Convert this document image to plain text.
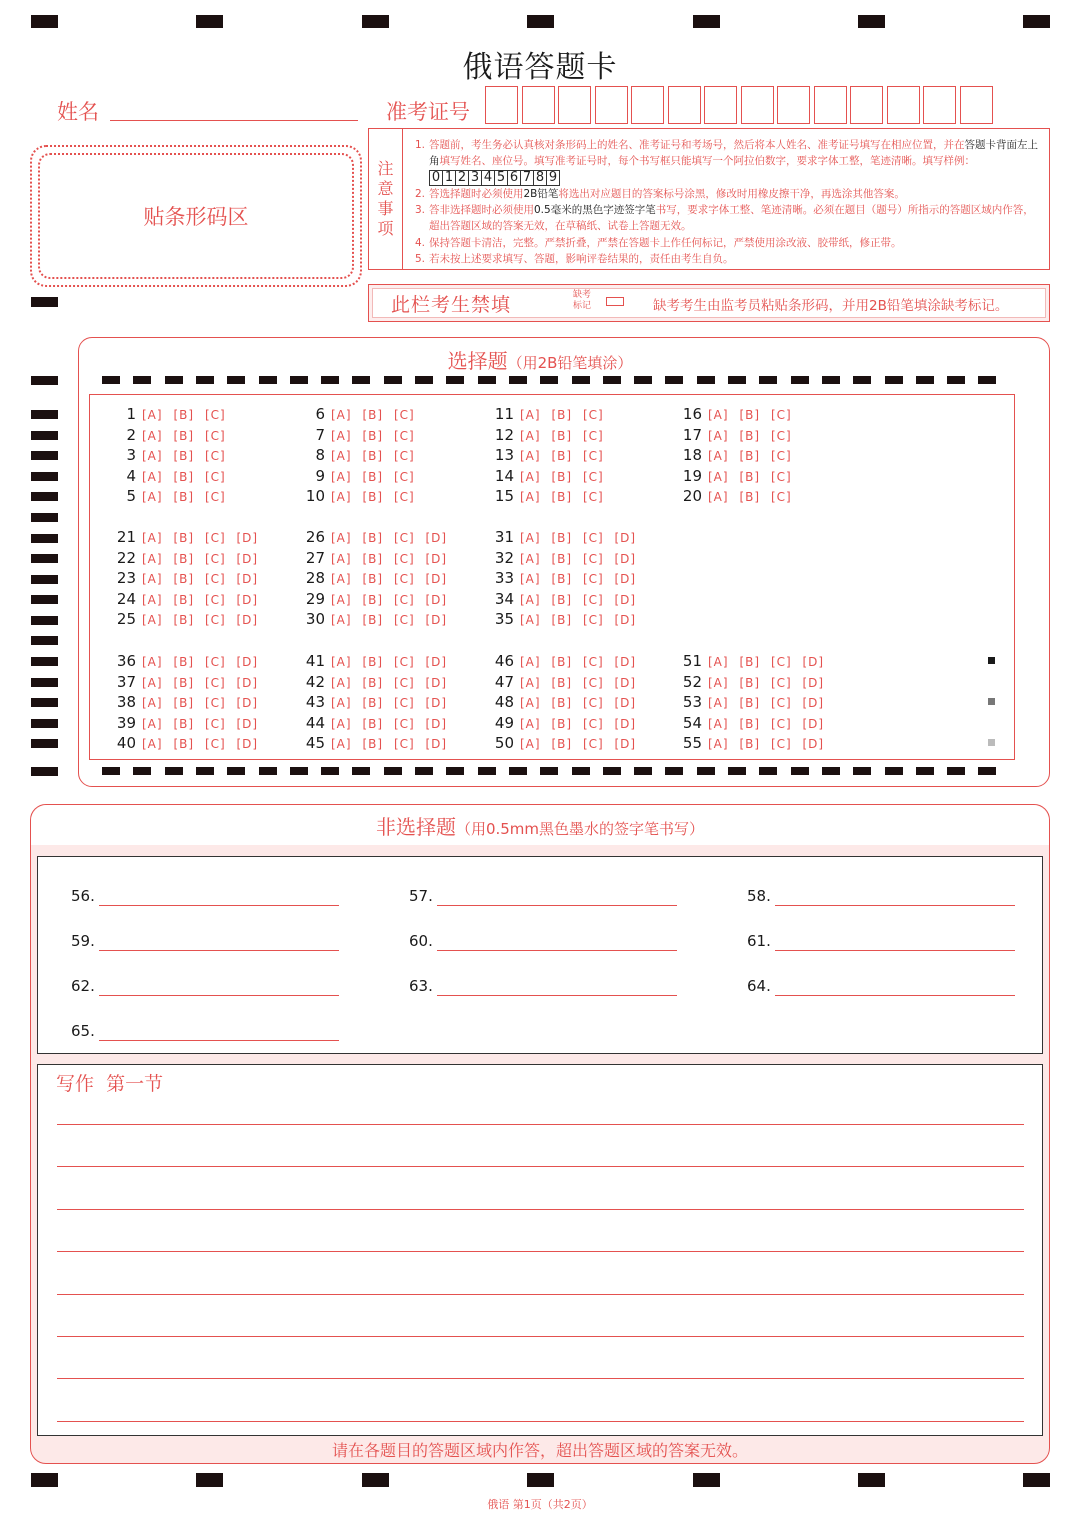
俄语答题卡
姓名	准考证号
贴条形码区
注
意
事
项
1. 答题前，考生务必认真核对条形码上的姓名、准考证号和考场号，然后将本人姓名、准考证号填写在相应位置，并在答题卡背面左上角填写姓名、座位号。填写准考证号时，每个书写框只能填写一个阿拉伯数字，要求字体工整，笔迹清晰。填写样例：
0 1 2 3 4 5 6 7 8 9
2. 答选择题时必须使用2B铅笔将选出对应题目的答案标号涂黑，修改时用橡皮擦干净，再选涂其他答案。
3. 答非选择题时必须使用0.5毫米的黑色字迹签字笔书写，要求字体工整、笔迹清晰。必须在题目（题号）所指示的答题区域内作答，超出答题区域的答案无效，在草稿纸、试卷上答题无效。
4. 保持答题卡清洁，完整。严禁折叠，严禁在答题卡上作任何标记，严禁使用涂改液、胶带纸，修正带。
5. 若未按上述要求填写、答题，影响评卷结果的，责任由考生自负。
此栏考生禁填	缺考
标记	缺考考生由监考员粘贴条形码，并用2B铅笔填涂缺考标记。
选择题（用2B铅笔填涂）
1 [A] [B] [C]
2 [A] [B] [C]
3 [A] [B] [C]
4 [A] [B] [C]
5 [A] [B] [C]
6 [A] [B] [C]
7 [A] [B] [C]
8 [A] [B] [C]
9 [A] [B] [C]
10 [A] [B] [C]
11 [A] [B] [C]
12 [A] [B] [C]
13 [A] [B] [C]
14 [A] [B] [C]
15 [A] [B] [C]
16 [A] [B] [C]
17 [A] [B] [C]
18 [A] [B] [C]
19 [A] [B] [C]
20 [A] [B] [C]
21 [A] [B] [C] [D]
22 [A] [B] [C] [D]
23 [A] [B] [C] [D]
24 [A] [B] [C] [D]
25 [A] [B] [C] [D]
26 [A] [B] [C] [D]
27 [A] [B] [C] [D]
28 [A] [B] [C] [D]
29 [A] [B] [C] [D]
30 [A] [B] [C] [D]
31 [A] [B] [C] [D]
32 [A] [B] [C] [D]
33 [A] [B] [C] [D]
34 [A] [B] [C] [D]
35 [A] [B] [C] [D]
36 [A] [B] [C] [D]
37 [A] [B] [C] [D]
38 [A] [B] [C] [D]
39 [A] [B] [C] [D]
40 [A] [B] [C] [D]
41 [A] [B] [C] [D]
42 [A] [B] [C] [D]
43 [A] [B] [C] [D]
44 [A] [B] [C] [D]
45 [A] [B] [C] [D]
46 [A] [B] [C] [D]
47 [A] [B] [C] [D]
48 [A] [B] [C] [D]
49 [A] [B] [C] [D]
50 [A] [B] [C] [D]
51 [A] [B] [C] [D]
52 [A] [B] [C] [D]
53 [A] [B] [C] [D]
54 [A] [B] [C] [D]
55 [A] [B] [C] [D]
非选择题（用0.5mm黑色墨水的签字笔书写）
56.	57.	58.
59.	60.	61.
62.	63.	64.
65.
写作  第一节
请在各题目的答题区域内作答，超出答题区域的答案无效。
俄语 第1页（共2页）
